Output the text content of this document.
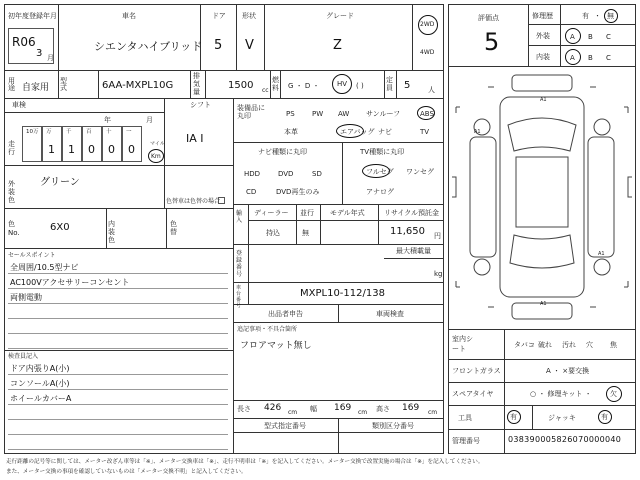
初年度登録年月
R06
3 月
車名
シエンタハイブリッド
ドア
5
形状
V
グレード
Z
2WD
4WD
用途 自家用
型式	6AA-MXPL10G
排気量
1500 cc
燃料 G ・ D ・	HV ( )
定員 5	人
車検
年	月
シフト
IA I
走行
10万 万
1
千
1
百
0
十
0
一
0	マイル
Km
外装色
グリーン
色替車は色替の場合
色No.	6X0	内装色
色替
セールスポイント
全周囲/10.5型ナビ
AC100Vアクセサリーコンセント
両側電動
検査員記入
ドア内張りA(小)
コンソールA(小)
ホイールカバーA
装備品に丸印	PS PW AW サンルーフ	ABS
本革	エアバッグ ナビ	TV
ナビ種類に丸印
HDD	DVD	SD
CD	DVD再生のみ
TV種類に丸印
フルセグ ワンセグ
アナログ
輸入
ディーラー 並行
持込	無
モデル年式	リサイクル預託金
11,650 円
登録番号
最大積載量
kg
車台番号
MXPL10-112/138
出品者申告	車両検査
追記事項・不具合箇所
フロアマット無し
長さ 426 cm 幅 169 cm 高さ 169 cm
型式指定番号	類別区分番号
評価点
5
修理歴	有 ・ 無
外装	A B C
内装	A B C
A1
A1
A1
A1
室内シート	タバコ 破れ 汚れ 穴 焦
フロントガラス	A ・ ×要交換
スペアタイヤ	○ ・ 修理キット ・	欠
工具	有	ジャッキ	有
管理番号	038390005826070000040
走行距離の記号等に関しては、メーター改ざん車等は「※」、メーター交換車は「※」、走行不明車は「※」を記入してください。メーター交換で改置実施の場合は「※」を記入してください。
また、メーター交換の事項を確認していないものは「メーター交換不明」と記入してください。
